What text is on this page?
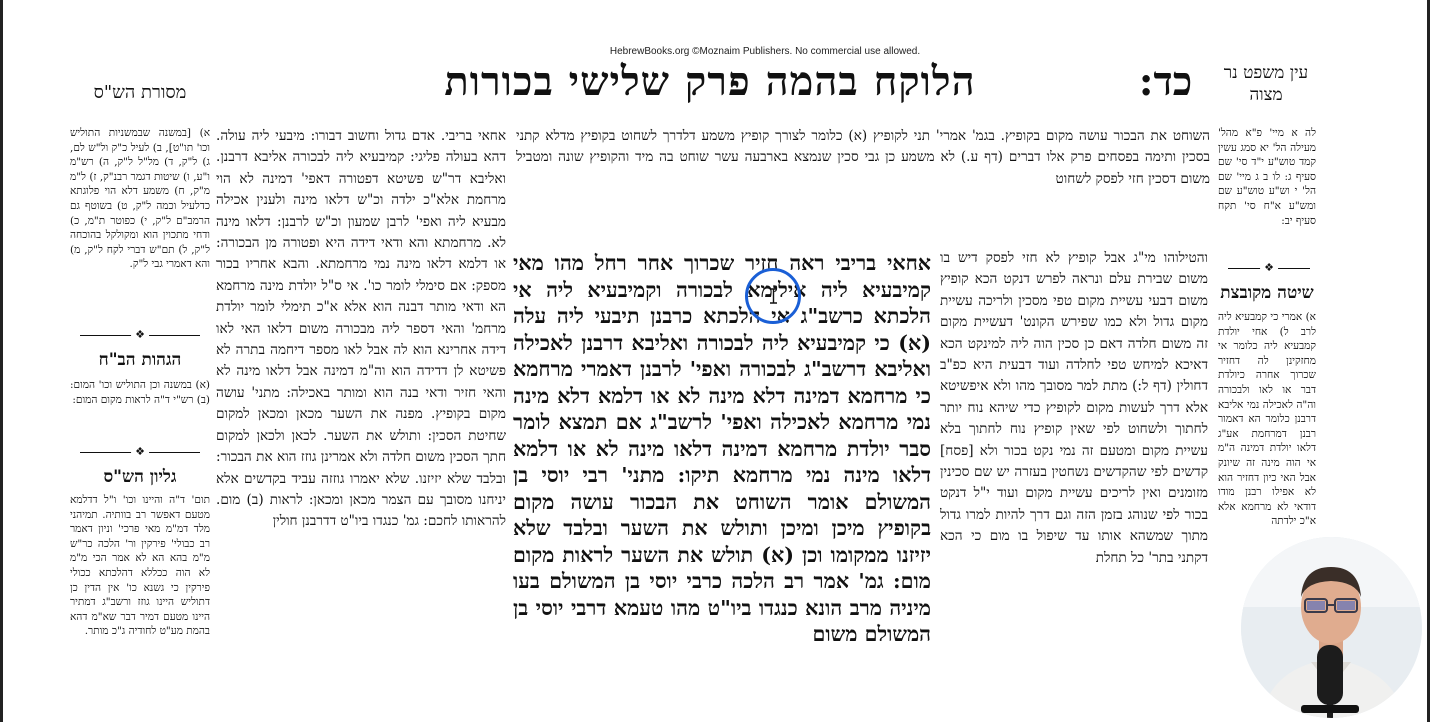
HebrewBooks.org ©Moznaim Publishers. No commercial use allowed.
הלוקח בהמה פרק שלישי בכורות	כד:	עין משפט נר מצוה
מסורת הש"ס
לה א מיי' פ"א מהל' מעילה הל' יא סמג עשין קמד טוש"ע י"ד סי' שם סעיף ג: לו ב ג מיי' שם הל' י וש"ע טוש"ע שם ומש"ע א"ח סי' תקח סעיף יב:
❖
שיטה מקובצת
א) אמרי כי קמבעיא ליה לרב ל) אחי יולדת קמבעיא ליה כלומר אי מחזקינן לה דחזיר שכרוך אחרה כיולדת דבר או לאו ולבכורה וה"ה לאכילה נמי אליבא דרבנן כלומר הא דאמור רבנן דמרחמת אע"ג דלאו יולדת דמינה ה"מ אי הוה מינה זה שיונק אבל האי כיון דחזיר הוא לא אפילו רבנן מודו דודאי לא מרחמא אלא א"כ ילדתה
א) [במשנה שבמשניות התוליש וכו' תו"ט], ב) לעיל כ"ק ול"ש לם, ג) ל"ק, ד) מל"ל ל"ק, ה) רש"מ ו"ע, ו) שיטות דגמר רבנ"ק, ז) ל"מ מ"ק, ח) משמע דלא הוי פלוגתא כדלעיל וכמה ל"ק, ט) בשוטף גם הרמב"ם ל"ק, י) כפוטר ת"מ, כ) ודחי מתכוין הוא ומקולקל בהוכחה ל"ק, ל) תם"ש דברי לקח ל"ק, מ) והא דאמרי גבי ל"ק.
❖
הגהות הב"ח
(א) במשנה וכן התוליש וכו' המום: (ב) רש"י ד"ה לראות מקום המום:
❖
גליון הש"ס
תום' ד"ה והיינו וכו' ו"ל דדלמא מטעם דאפשר רב בוותיה. תמיהני מלד דמ"מ מאי פרכי' וניון דאמר רב כבולי' פירקין ור' הלכה כר"ש מ"מ בהא הא לא אמר הכי מ"מ לא הוה ככללא דהלכתא ככולי פירקין כי גשנא כו' אין הדין כן דתוליש היינו גוזז ורשב"ג דמתיר היינו מטעם דמיר דבר שא"מ דהא בהמת מע"ט לחודיה ג"כ מותר.
אחאי בריבי. אדם גדול וחשוב דבורו: מיבעי ליה עולה. דהא בעולה פליגי: קמיבעיא ליה לבכורה אליבא דרבנן. ואליבא דר"ש פשיטא דפטורה דאפי' דמינה לא הוי מרחמת אלא"כ ילדה וכ"ש דלאו מינה ולענין אכילה מבעיא ליה ואפי' לרבן שמעון וכ"ש לרבנן: דלאו מינה לא. מרחמתא והא ודאי דידה היא ופטורה מן הבכורה: או דלמא דלאו מינה נמי מרחמתא. והבא אחריו בכור מספק: אם סימלי לומר כו'. אי ס"ל יולדת מינה מרחמא הא ודאי מותר דבנה הוא אלא א"כ תימלי לומר יולדת מרחמ' והאי דספר ליה מבכורה משום דלאו האי לאו דידה אחרינא הוא לה אבל לאו מספר דיחמה בתרה לא פשיטא לן דדידה הוא וה"מ דמינה אבל דלאו מינה לא והאי חזיר ודאי בנה הוא ומותר באכילה: מתני' עושה מקום בקופיץ. מפנה את השער מכאן ומכאן למקום שחיטת הסכין: ותולש את השער. לכאן ולכאן למקום חתך הסכין משום חלדה ולא אמרינן גוזז הוא את הבכור: ובלבד שלא יזיזנו. שלא יאמרו גוזזה עביד בקדשים אלא יניחנו מסובך עם הצמר מכאן ומכאן: לראות (ב) מום. להראותו לחכם: גמ' כנגדו ביו"ט דדרבנן חולין
השוחט את הבכור עושה מקום בקופיץ. בגמ' אמרי' תני לקופיץ (א) כלומר לצורך קופיץ משמע דלדרך לשחוט בקופיץ מדלא קתני בסכין ותימה בפסחים פרק אלו דברים (דף ע.) לא משמע כן גבי סכין שנמצא בארבעה עשר שוחט בה מיד והקופיץ שונה ומטביל משום דסכין חזי לפסק לשחוט
והטילוהו מי"ג אבל קופיץ לא חזי לפסק דיש בו משום שבירת עלם ונראה לפרש דנקט הכא קופיץ משום דבעי עשיית מקום טפי מסכין ולריכה עשיית מקום גדול ולא כמו שפירש הקונט' דעשיית מקום זה משום חלדה דאם כן סכין הוה ליה למינקט הכא דאיכא למיחש טפי לחלדה ועוד דבעית היא כפ"ב דחולין (דף ל:) מתת למר מסובך מהו ולא איפשיטא אלא דרך לעשות מקום לקופיץ כדי שיהא נוח יותר לחתוך ולשחוט לפי שאין קופיץ נוח לחתוך בלא עשיית מקום ומטעם זה נמי נקט בכור ולא [פסח] קדשים לפי שהקדשים נשחטין בעזרה יש שם סכינין מזומנים ואין לריכים עשיית מקום ועוד י"ל דנקט בכור לפי שנוהג בזמן הזה וגם דרך להיות למרו גדול מתוך שמשהא אותו עד שיפול בו מום כי הכא דקתני בתר' כל תחלת
אחאי בריבי ראה חזיר שכרוך אחר רחל מהו מאי קמיבעיא ליה אילימא לבכורה וקמיבעיא ליה אי הלכתא כרשב"ג אי הלכתא כרבנן תיבעי ליה עלה (א) כי קמיבעיא ליה לבכורה ואליבא דרבנן לאכילה ואליבא דרשב"ג לבכורה ואפי' לרבנן דאמרי מרחמא כי מרחמא דמינה דלא מינה לא או דלמא דלא מינה נמי מרחמא לאכילה ואפי' לרשב"ג אם תמצא לומר סבר יולדת מרחמא דמינה דלאו מינה לא או דלמא דלאו מינה נמי מרחמא תיקו: מתני' רבי יוסי בן המשולם אומר השוחט את הבכור עושה מקום בקופיץ מיכן ומיכן ותולש את השער ובלבד שלא יזיזנו ממקומו וכן (א) תולש את השער לראות מקום מום: גמ' אמר רב הלכה כרבי יוסי בן המשולם בעו מיניה מרב הונא כנגדו ביו"ט מהו טעמא דרבי יוסי בן המשולם משום
